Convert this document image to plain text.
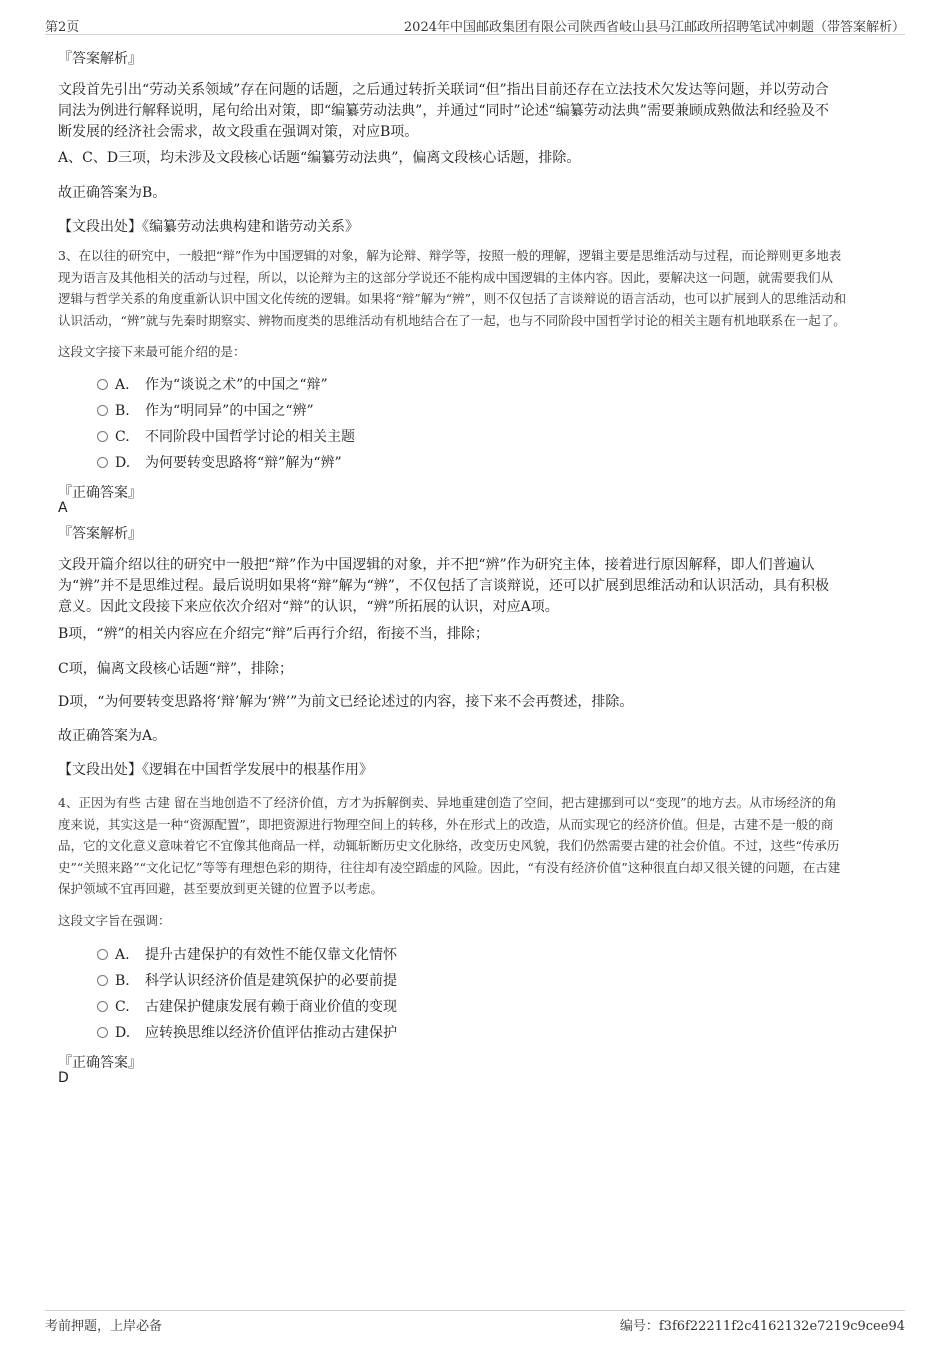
第2页	2024年中国邮政集团有限公司陕西省岐山县马江邮政所招聘笔试冲刺题（带答案解析）
『答案解析』
文段首先引出“劳动关系领域”存在问题的话题，之后通过转折关联词“但”指出目前还存在立法技术欠发达等问题，并以劳动合
同法为例进行解释说明，尾句给出对策，即“编纂劳动法典”，并通过“同时”论述“编纂劳动法典”需要兼顾成熟做法和经验及不
断发展的经济社会需求，故文段重在强调对策，对应B项。
A、C、D三项，均未涉及文段核心话题“编纂劳动法典”，偏离文段核心话题，排除。
故正确答案为B。
【文段出处】《编纂劳动法典构建和谐劳动关系》
3、在以往的研究中，一般把“辩”作为中国逻辑的对象，解为论辩、辩学等，按照一般的理解，逻辑主要是思维活动与过程，而论辩则更多地表
现为语言及其他相关的活动与过程，所以，以论辩为主的这部分学说还不能构成中国逻辑的主体内容。因此，要解决这一问题，就需要我们从
逻辑与哲学关系的角度重新认识中国文化传统的逻辑。如果将“辩”解为“辨”，则不仅包括了言谈辩说的语言活动，也可以扩展到人的思维活动和
认识活动，“辨”就与先秦时期察实、辨物而度类的思维活动有机地结合在了一起，也与不同阶段中国哲学讨论的相关主题有机地联系在一起了。
这段文字接下来最可能介绍的是：
A. 作为“谈说之术”的中国之“辩”
B. 作为“明同异”的中国之“辨”
C. 不同阶段中国哲学讨论的相关主题
D. 为何要转变思路将“辩”解为“辨”
『正确答案』
A
『答案解析』
文段开篇介绍以往的研究中一般把“辩”作为中国逻辑的对象，并不把“辨”作为研究主体，接着进行原因解释，即人们普遍认
为“辨”并不是思维过程。最后说明如果将“辩”解为“辨”，不仅包括了言谈辩说，还可以扩展到思维活动和认识活动，具有积极
意义。因此文段接下来应依次介绍对“辩”的认识，“辨”所拓展的认识，对应A项。
B项，“辨”的相关内容应在介绍完“辩”后再行介绍，衔接不当，排除；
C项，偏离文段核心话题“辩”，排除；
D项，“为何要转变思路将‘辩’解为‘辨’”为前文已经论述过的内容，接下来不会再赘述，排除。
故正确答案为A。
【文段出处】《逻辑在中国哲学发展中的根基作用》
4、正因为有些 古建 留在当地创造不了经济价值，方才为拆解倒卖、异地重建创造了空间，把古建挪到可以“变现”的地方去。从市场经济的角
度来说，其实这是一种“资源配置”，即把资源进行物理空间上的转移，外在形式上的改造，从而实现它的经济价值。但是，古建不是一般的商
品，它的文化意义意味着它不宜像其他商品一样，动辄斩断历史文化脉络，改变历史风貌，我们仍然需要古建的社会价值。不过，这些“传承历
史”“关照来路”“文化记忆”等等有理想色彩的期待，往往却有凌空蹈虚的风险。因此，“有没有经济价值”这种很直白却又很关键的问题，在古建
保护领域不宜再回避，甚至要放到更关键的位置予以考虑。
这段文字旨在强调：
A. 提升古建保护的有效性不能仅靠文化情怀
B. 科学认识经济价值是建筑保护的必要前提
C. 古建保护健康发展有赖于商业价值的变现
D. 应转换思维以经济价值评估推动古建保护
『正确答案』
D
考前押题，上岸必备	编号：f3f6f22211f2c4162132e7219c9cee94
